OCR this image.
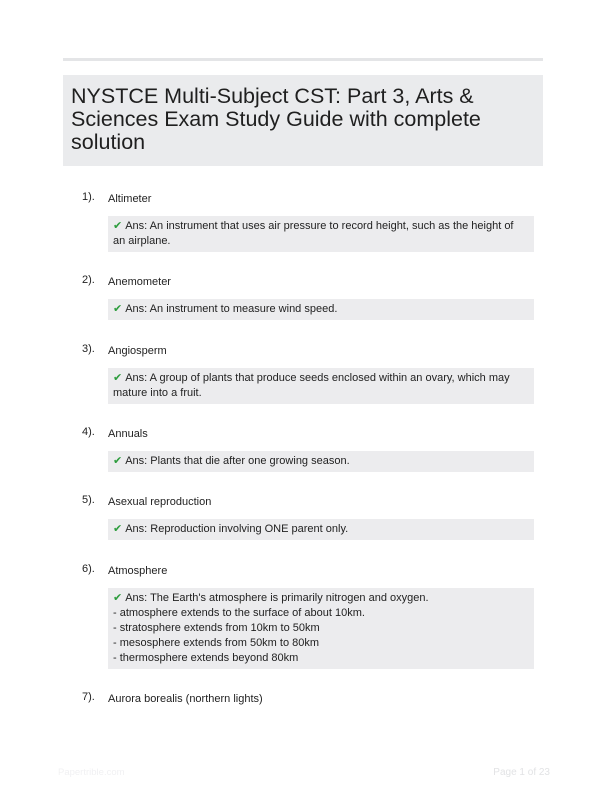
NYSTCE Multi-Subject CST: Part 3, Arts & Sciences Exam Study Guide with complete solution
1). Altimeter
✔ Ans: An instrument that uses air pressure to record height, such as the height of an airplane.
2). Anemometer
✔ Ans: An instrument to measure wind speed.
3). Angiosperm
✔ Ans: A group of plants that produce seeds enclosed within an ovary, which may mature into a fruit.
4). Annuals
✔ Ans: Plants that die after one growing season.
5). Asexual reproduction
✔ Ans: Reproduction involving ONE parent only.
6). Atmosphere
✔ Ans: The Earth's atmosphere is primarily nitrogen and oxygen.
- atmosphere extends to the surface of about 10km.
- stratosphere extends from 10km to 50km
- mesosphere extends from 50km to 80km
- thermosphere extends beyond 80km
7). Aurora borealis (northern lights)
Papertrible.com	Page 1 of 23
